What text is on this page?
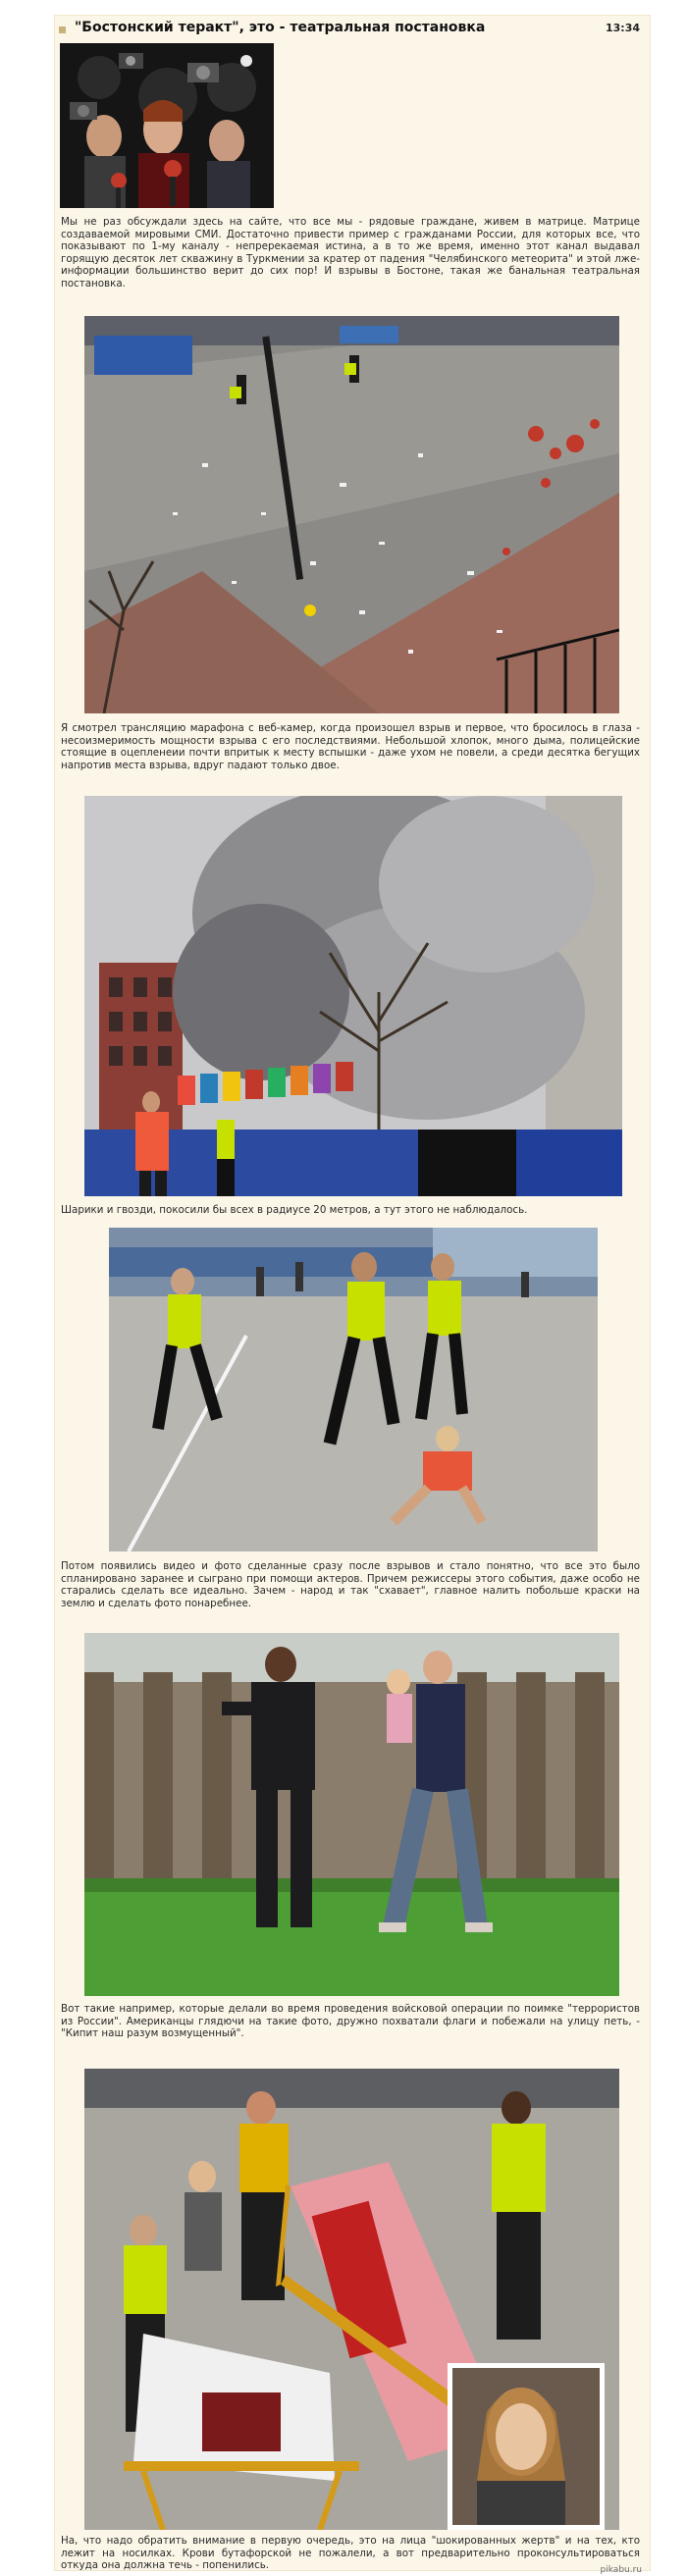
"Бостонский теракт", это - театральная постановка	13:34
Мы не раз обсуждали здесь на сайте, что все мы - рядовые граждане, живем в матрице. Матрице создаваемой мировыми СМИ. Достаточно привести пример с гражданами России, для которых все, что показывают по 1-му каналу - непререкаемая истина, а в то же время, именно этот канал выдавал горящую десяток лет скважину в Туркмении за кратер от падения "Челябинского метеорита" и этой лже-информации большинство верит до сих пор! И взрывы в Бостоне, такая же банальная театральная постановка.
Я смотрел трансляцию марафона с веб-камер, когда произошел взрыв и первое, что бросилось в глаза - несоизмеримость мощности взрыва с его последствиями. Небольшой хлопок, много дыма, полицейские стоящие в оцепленеии почти впритык к месту вспышки - даже ухом не повели, а среди десятка бегущих напротив места взрыва, вдруг падают только двое.
Шарики и гвозди, покосили бы всех в радиусе 20 метров, а тут этого не наблюдалось.
Потом появились видео и фото сделанные сразу после взрывов и стало понятно, что все это было спланировано заранее и сыграно при помощи актеров. Причем режиссеры этого события, даже особо не старались сделать все идеально. Зачем - народ и так "схавает", главное налить побольше краски на землю и сделать фото понаребнее.
Вот такие например, которые делали во время проведения войсковой операции по поимке "террористов из России". Американцы глядючи на такие фото, дружно похватали флаги и побежали на улицу петь, - "Кипит наш разум возмущенный".
На, что надо обратить внимание в первую очередь, это на лица "шокированных жертв" и на тех, кто лежит на носилках. Крови бутафорской не пожалели, а вот предварительно проконсультироваться откуда она должна течь - попенились.	pikabu.ru
